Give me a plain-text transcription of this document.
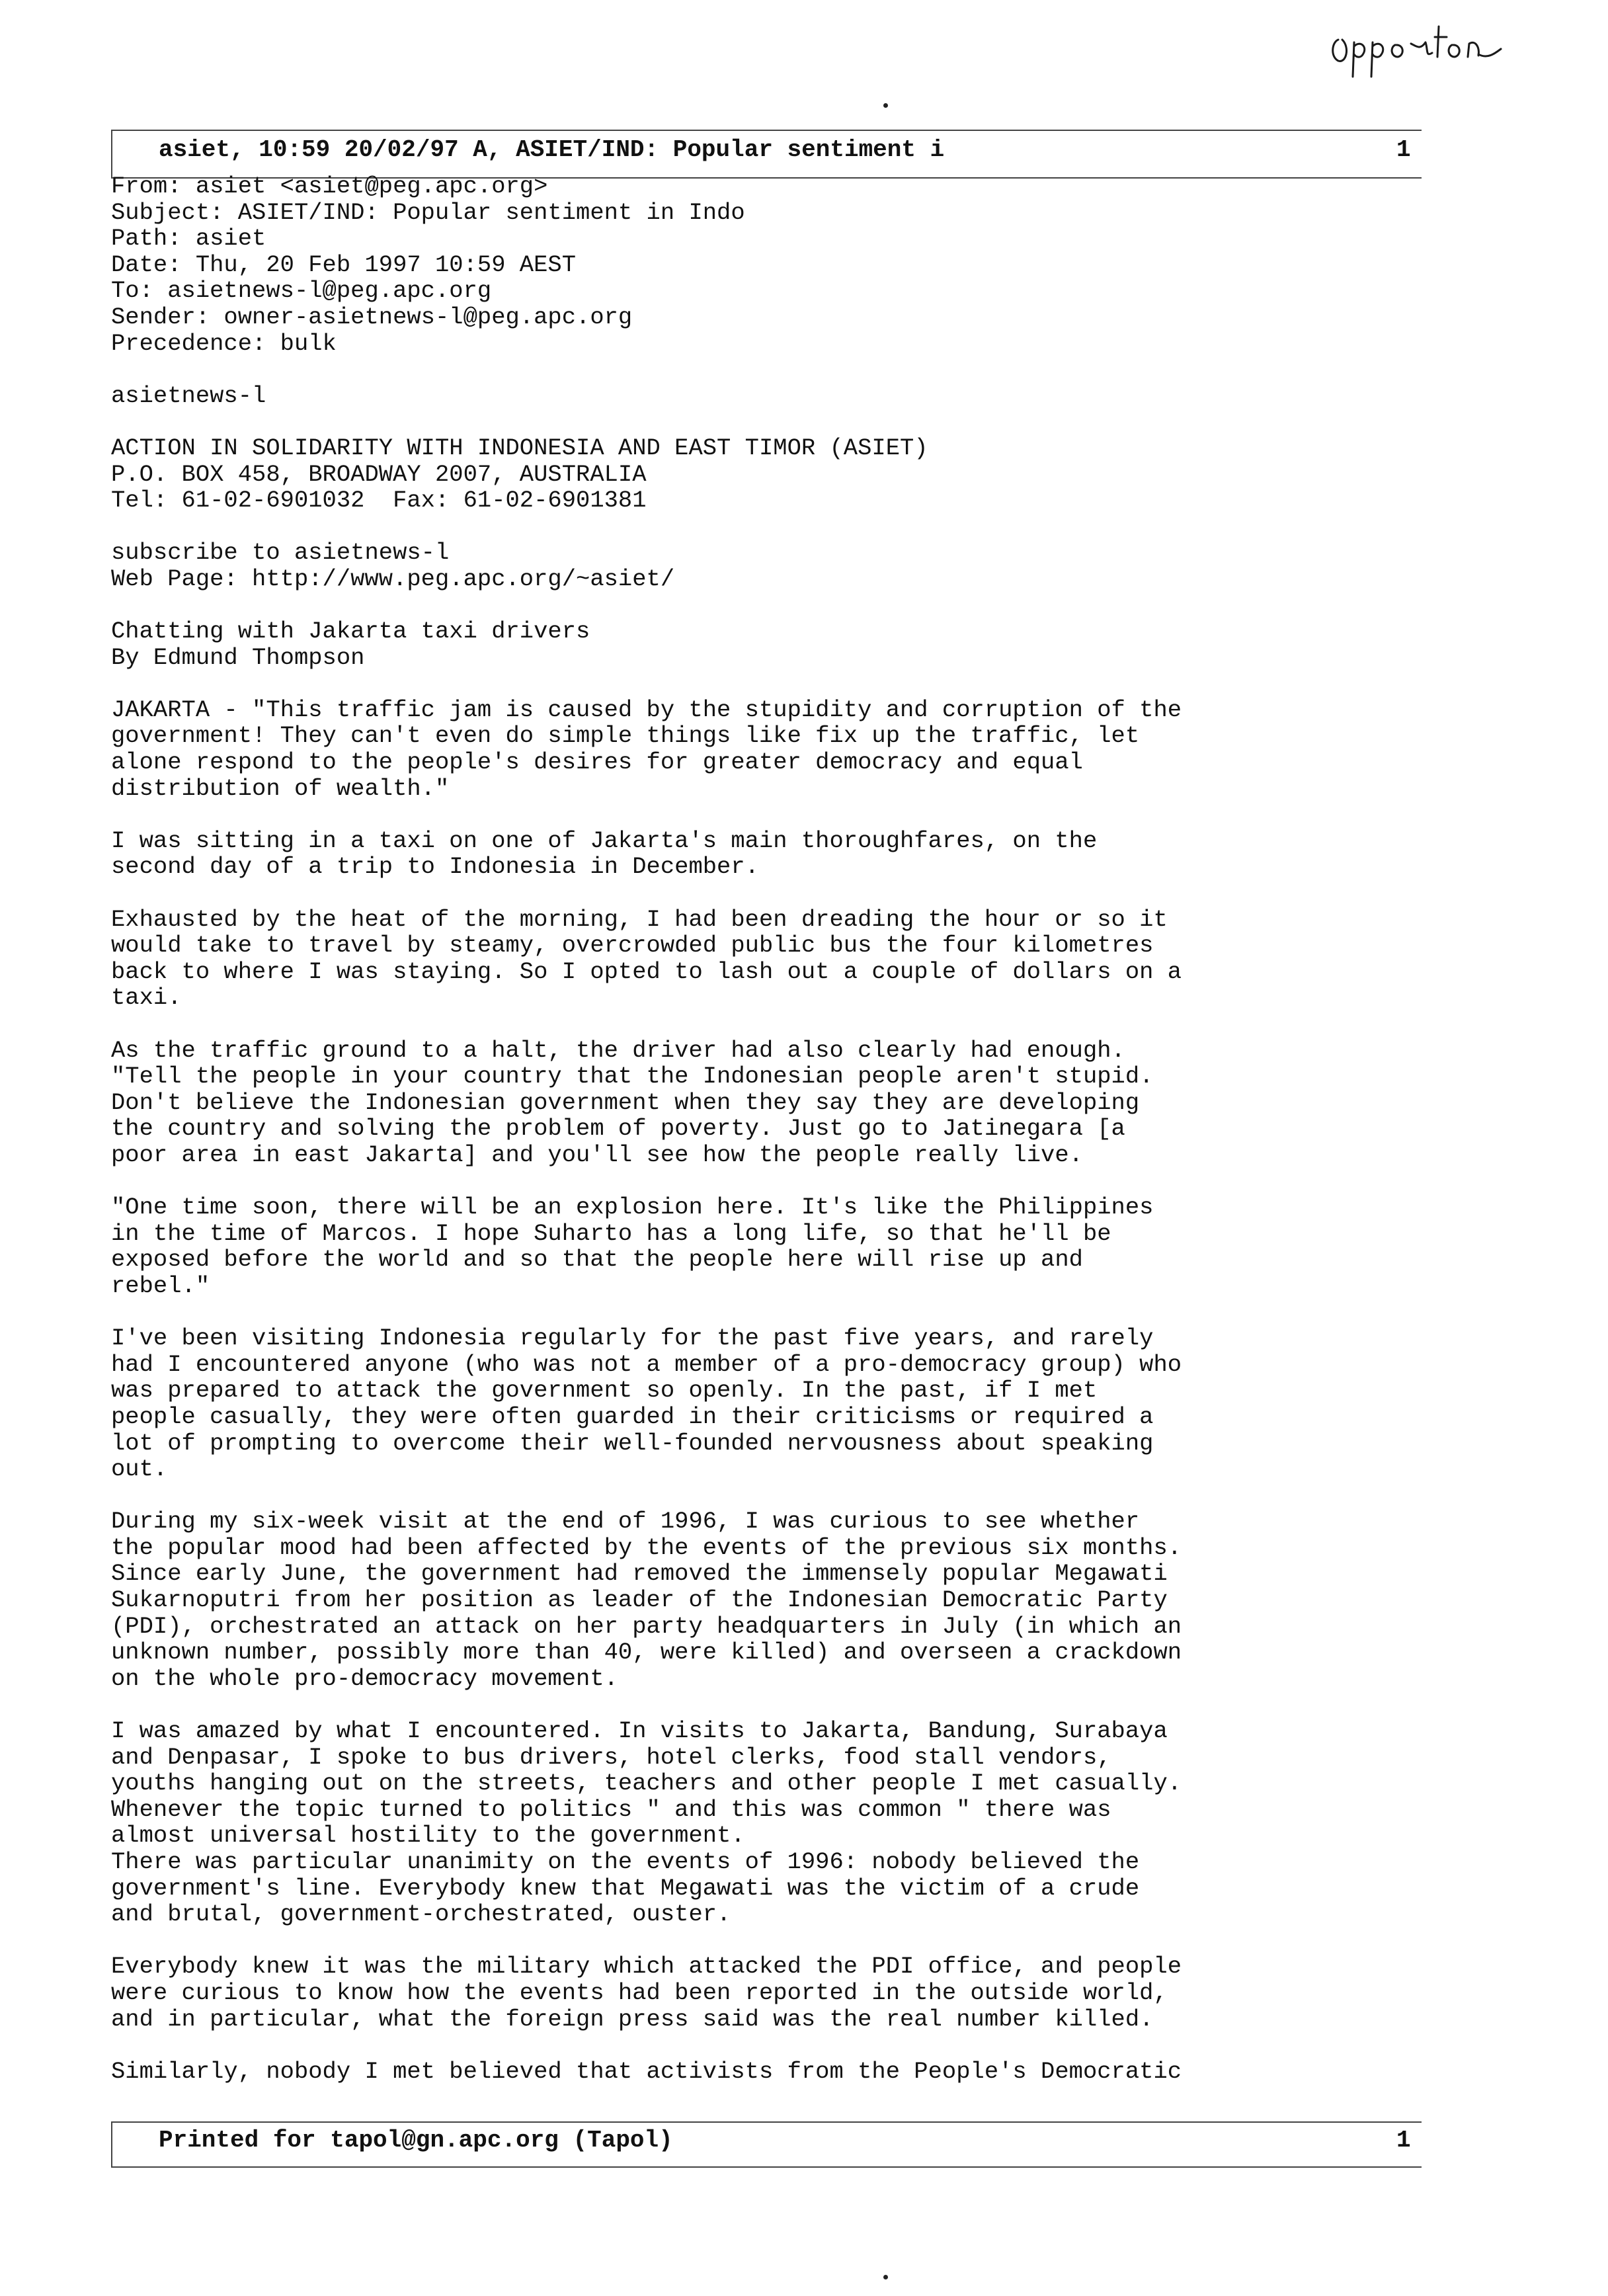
asiet, 10:59 20/02/97 A, ASIET/IND: Popular sentiment i	1
From: asiet <asiet@peg.apc.org>
Subject: ASIET/IND: Popular sentiment in Indo
Path: asiet
Date: Thu, 20 Feb 1997 10:59 AEST
To: asietnews-l@peg.apc.org
Sender: owner-asietnews-l@peg.apc.org
Precedence: bulk

asietnews-l

ACTION IN SOLIDARITY WITH INDONESIA AND EAST TIMOR (ASIET)
P.O. BOX 458, BROADWAY 2007, AUSTRALIA
Tel: 61-02-6901032  Fax: 61-02-6901381

subscribe to asietnews-l
Web Page: http://www.peg.apc.org/~asiet/

Chatting with Jakarta taxi drivers
By Edmund Thompson

JAKARTA - "This traffic jam is caused by the stupidity and corruption of the
government! They can't even do simple things like fix up the traffic, let
alone respond to the people's desires for greater democracy and equal
distribution of wealth."

I was sitting in a taxi on one of Jakarta's main thoroughfares, on the
second day of a trip to Indonesia in December.

Exhausted by the heat of the morning, I had been dreading the hour or so it
would take to travel by steamy, overcrowded public bus the four kilometres
back to where I was staying. So I opted to lash out a couple of dollars on a
taxi.

As the traffic ground to a halt, the driver had also clearly had enough.
"Tell the people in your country that the Indonesian people aren't stupid.
Don't believe the Indonesian government when they say they are developing
the country and solving the problem of poverty. Just go to Jatinegara [a
poor area in east Jakarta] and you'll see how the people really live.

"One time soon, there will be an explosion here. It's like the Philippines
in the time of Marcos. I hope Suharto has a long life, so that he'll be
exposed before the world and so that the people here will rise up and
rebel."

I've been visiting Indonesia regularly for the past five years, and rarely
had I encountered anyone (who was not a member of a pro-democracy group) who
was prepared to attack the government so openly. In the past, if I met
people casually, they were often guarded in their criticisms or required a
lot of prompting to overcome their well-founded nervousness about speaking
out.

During my six-week visit at the end of 1996, I was curious to see whether
the popular mood had been affected by the events of the previous six months.
Since early June, the government had removed the immensely popular Megawati
Sukarnoputri from her position as leader of the Indonesian Democratic Party
(PDI), orchestrated an attack on her party headquarters in July (in which an
unknown number, possibly more than 40, were killed) and overseen a crackdown
on the whole pro-democracy movement.

I was amazed by what I encountered. In visits to Jakarta, Bandung, Surabaya
and Denpasar, I spoke to bus drivers, hotel clerks, food stall vendors,
youths hanging out on the streets, teachers and other people I met casually.
Whenever the topic turned to politics " and this was common " there was
almost universal hostility to the government.
There was particular unanimity on the events of 1996: nobody believed the
government's line. Everybody knew that Megawati was the victim of a crude
and brutal, government-orchestrated, ouster.

Everybody knew it was the military which attacked the PDI office, and people
were curious to know how the events had been reported in the outside world,
and in particular, what the foreign press said was the real number killed.

Similarly, nobody I met believed that activists from the People's Democratic
Printed for tapol@gn.apc.org (Tapol)	1
